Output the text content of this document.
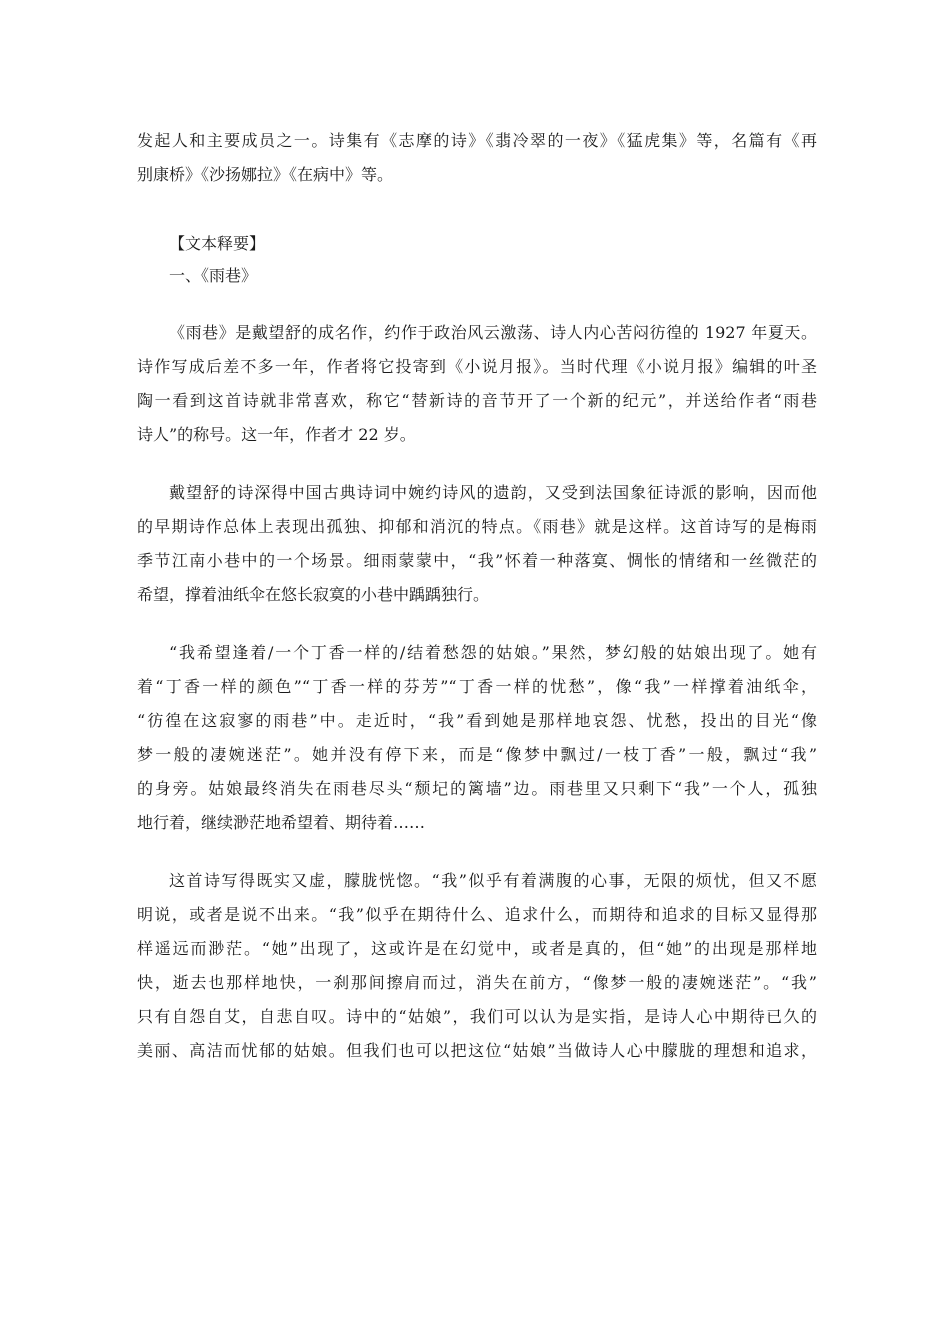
发起人和主要成员之一。诗集有《志摩的诗》《翡冷翠的一夜》《猛虎集》等，名篇有《再
别康桥》《沙扬娜拉》《在病中》等。
【文本释要】
一、《雨巷》
《雨巷》是戴望舒的成名作，约作于政治风云激荡、诗人内心苦闷彷徨的 1927 年夏天。
诗作写成后差不多一年，作者将它投寄到《小说月报》。当时代理《小说月报》编辑的叶圣
陶一看到这首诗就非常喜欢，称它“替新诗的音节开了一个新的纪元”，并送给作者“雨巷
诗人”的称号。这一年，作者才 22 岁。
戴望舒的诗深得中国古典诗词中婉约诗风的遗韵，又受到法国象征诗派的影响，因而他
的早期诗作总体上表现出孤独、抑郁和消沉的特点。《雨巷》就是这样。这首诗写的是梅雨
季节江南小巷中的一个场景。细雨蒙蒙中，“我”怀着一种落寞、惆怅的情绪和一丝微茫的
希望，撑着油纸伞在悠长寂寞的小巷中踽踽独行。
“我希望逢着/一个丁香一样的/结着愁怨的姑娘。”果然，梦幻般的姑娘出现了。她有
着“丁香一样的颜色”“丁香一样的芬芳”“丁香一样的忧愁”，像“我”一样撑着油纸伞，
“彷徨在这寂寥的雨巷”中。走近时，“我”看到她是那样地哀怨、忧愁，投出的目光“像
梦一般的凄婉迷茫”。她并没有停下来，而是“像梦中飘过/一枝丁香”一般，飘过“我”
的身旁。姑娘最终消失在雨巷尽头“颓圮的篱墙”边。雨巷里又只剩下“我”一个人，孤独
地行着，继续渺茫地希望着、期待着……
这首诗写得既实又虚，朦胧恍惚。“我”似乎有着满腹的心事，无限的烦忧，但又不愿
明说，或者是说不出来。“我”似乎在期待什么、追求什么，而期待和追求的目标又显得那
样遥远而渺茫。“她”出现了，这或许是在幻觉中，或者是真的，但“她”的出现是那样地
快，逝去也那样地快，一刹那间擦肩而过，消失在前方，“像梦一般的凄婉迷茫”。“我”
只有自怨自艾，自悲自叹。诗中的“姑娘”，我们可以认为是实指，是诗人心中期待已久的
美丽、高洁而忧郁的姑娘。但我们也可以把这位“姑娘”当做诗人心中朦胧的理想和追求，
